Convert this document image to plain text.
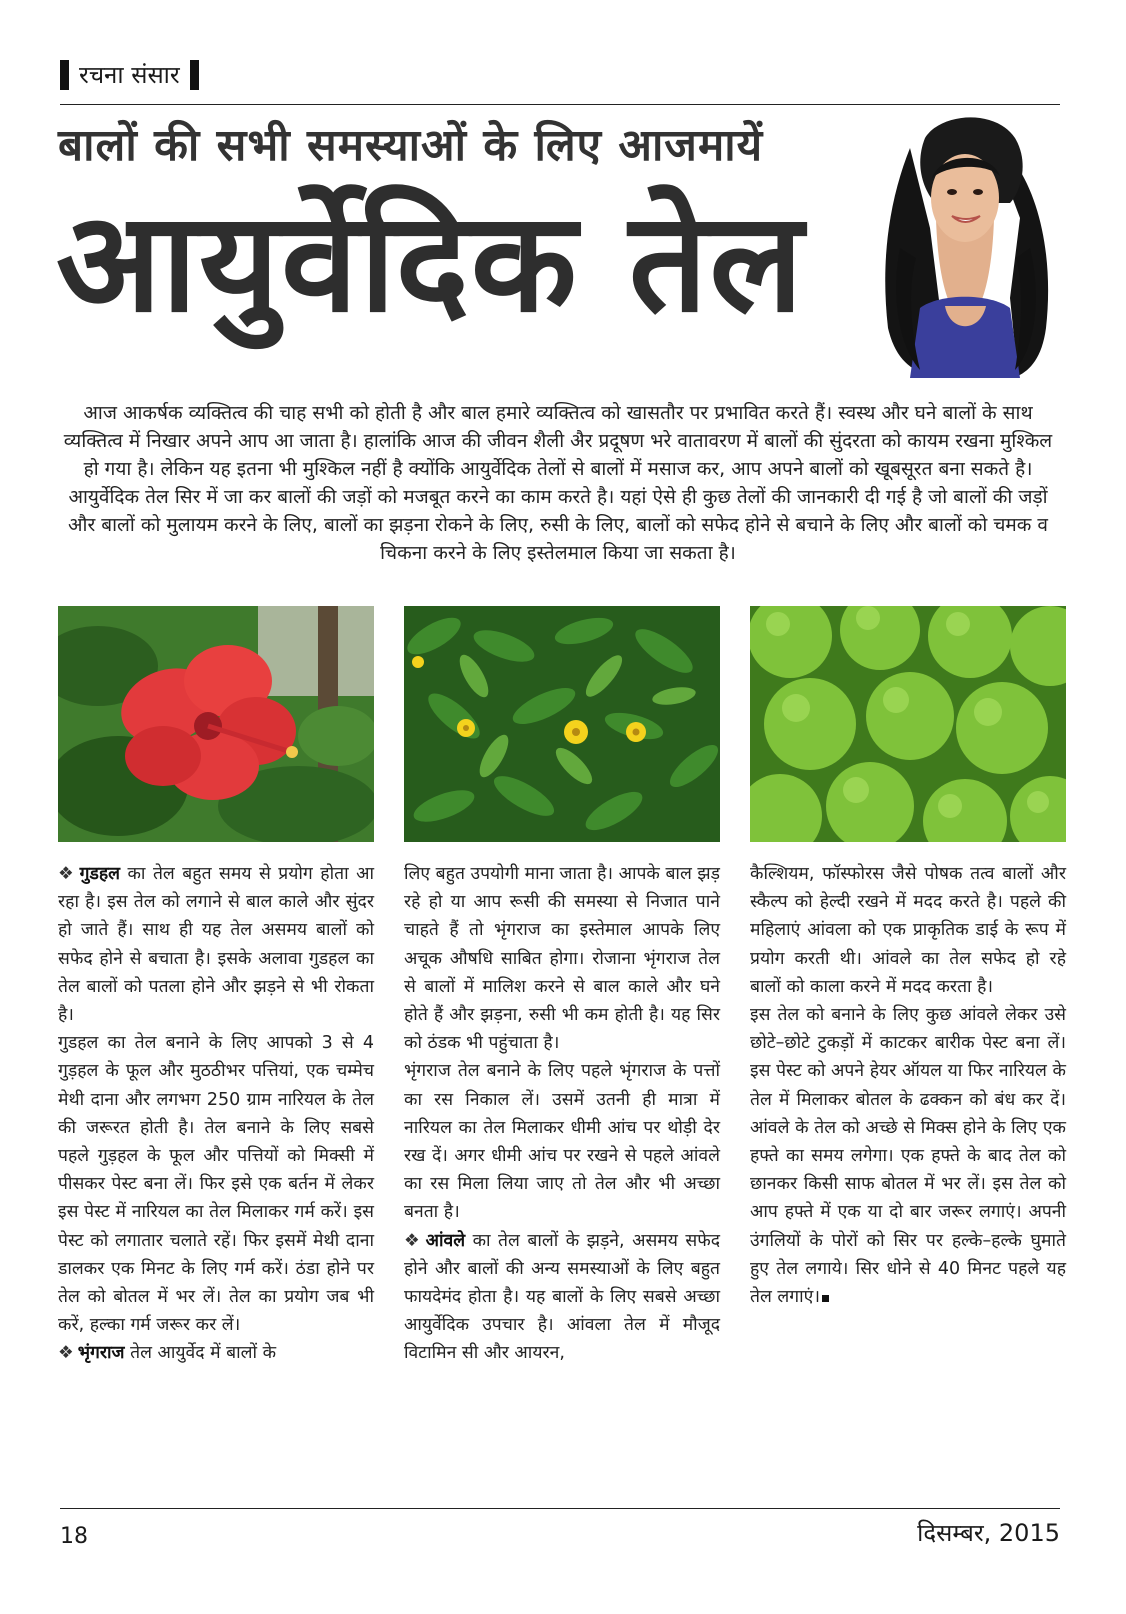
रचना संसार
बालों की सभी समस्याओं के लिए आजमायें
आयुर्वेदिक तेल

आज आकर्षक व्यक्तित्व की चाह सभी को होती है और बाल हमारे व्यक्तित्व को खासतौर पर प्रभावित करते हैं। स्वस्थ और घने बालों के साथ व्यक्तित्व में निखार अपने आप आ जाता है। हालांकि आज की जीवन शैली अैर प्रदूषण भरे वातावरण में बालों की सुंदरता को कायम रखना मुश्किल हो गया है। लेकिन यह इतना भी मुश्किल नहीं है क्योंकि आयुर्वेदिक तेलों से बालों में मसाज कर, आप अपने बालों को खूबसूरत बना सकते है। आयुर्वेदिक तेल सिर में जा कर बालों की जड़ों को मजबूत करने का काम करते है। यहां ऐसे ही कुछ तेलों की जानकारी दी गई है जो बालों की जड़ों और बालों को मुलायम करने के लिए, बालों का झड़ना रोकने के लिए, रुसी के लिए, बालों को सफेद होने से बचाने के लिए और बालों को चमक व चिकना करने के लिए इस्तेलमाल किया जा सकता है।

❖ गुडहल का तेल बहुत समय से प्रयोग होता आ रहा है। इस तेल को लगाने से बाल काले और सुंदर हो जाते हैं। साथ ही यह तेल असमय बालों को सफेद होने से बचाता है। इसके अलावा गुडहल का तेल बालों को पतला होने और झड़ने से भी रोकता है।

गुडहल का तेल बनाने के लिए आपको 3 से 4 गुड़हल के फूल और मुठठीभर पत्तियां, एक चम्मेच मेथी दाना और लगभग 250 ग्राम नारियल के तेल की जरूरत होती है। तेल बनाने के लिए सबसे पहले गुड़हल के फूल और पत्तियों को मिक्सी में पीसकर पेस्ट बना लें। फिर इसे एक बर्तन में लेकर इस पेस्ट में नारियल का तेल मिलाकर गर्म करें। इस पेस्ट को लगातार चलाते रहें। फिर इसमें मेथी दाना डालकर एक मिनट के लिए गर्म करें। ठंडा होने पर तेल को बोतल में भर लें। तेल का प्रयोग जब भी करें, हल्का गर्म जरूर कर लें।

❖ भृंगराज तेल आयुर्वेद में बालों के

लिए बहुत उपयोगी माना जाता है। आपके बाल झड़ रहे हो या आप रूसी की समस्या से निजात पाने चाहते हैं तो भृंगराज का इस्तेमाल आपके लिए अचूक औषधि साबित होगा। रोजाना भृंगराज तेल से बालों में मालिश करने से बाल काले और घने होते हैं और झड़ना, रुसी भी कम होती है। यह सिर को ठंडक भी पहुंचाता है।

भृंगराज तेल बनाने के लिए पहले भृंगराज के पत्तों का रस निकाल लें। उसमें उतनी ही मात्रा में नारियल का तेल मिलाकर धीमी आंच पर थोड़ी देर रख दें। अगर धीमी आंच पर रखने से पहले आंवले का रस मिला लिया जाए तो तेल और भी अच्छा बनता है।

❖ आंवले का तेल बालों के झड़ने, असमय सफेद होने और बालों की अन्य समस्याओं के लिए बहुत फायदेमंद होता है। यह बालों के लिए सबसे अच्छा आयुर्वेदिक उपचार है। आंवला तेल में मौजूद विटामिन सी और आयरन,

कैल्शियम, फॉस्फोरस जैसे पोषक तत्व बालों और स्कैल्प को हेल्दी रखने में मदद करते है। पहले की महिलाएं आंवला को एक प्राकृतिक डाई के रूप में प्रयोग करती थी। आंवले का तेल सफेद हो रहे बालों को काला करने में मदद करता है।

इस तेल को बनाने के लिए कुछ आंवले लेकर उसे छोटे–छोटे टुकड़ों में काटकर बारीक पेस्ट बना लें। इस पेस्ट को अपने हेयर ऑयल या फिर नारियल के तेल में मिलाकर बोतल के ढक्कन को बंध कर दें। आंवले के तेल को अच्छे से मिक्स होने के लिए एक हफ्ते का समय लगेगा। एक हफ्ते के बाद तेल को छानकर किसी साफ बोतल में भर लें। इस तेल को आप हफ्ते में एक या दो बार जरूर लगाएं। अपनी उंगलियों के पोरों को सिर पर हल्के–हल्के घुमाते हुए तेल लगाये। सिर धोने से 40 मिनट पहले यह तेल लगाएं।

18	दिसम्बर, 2015
